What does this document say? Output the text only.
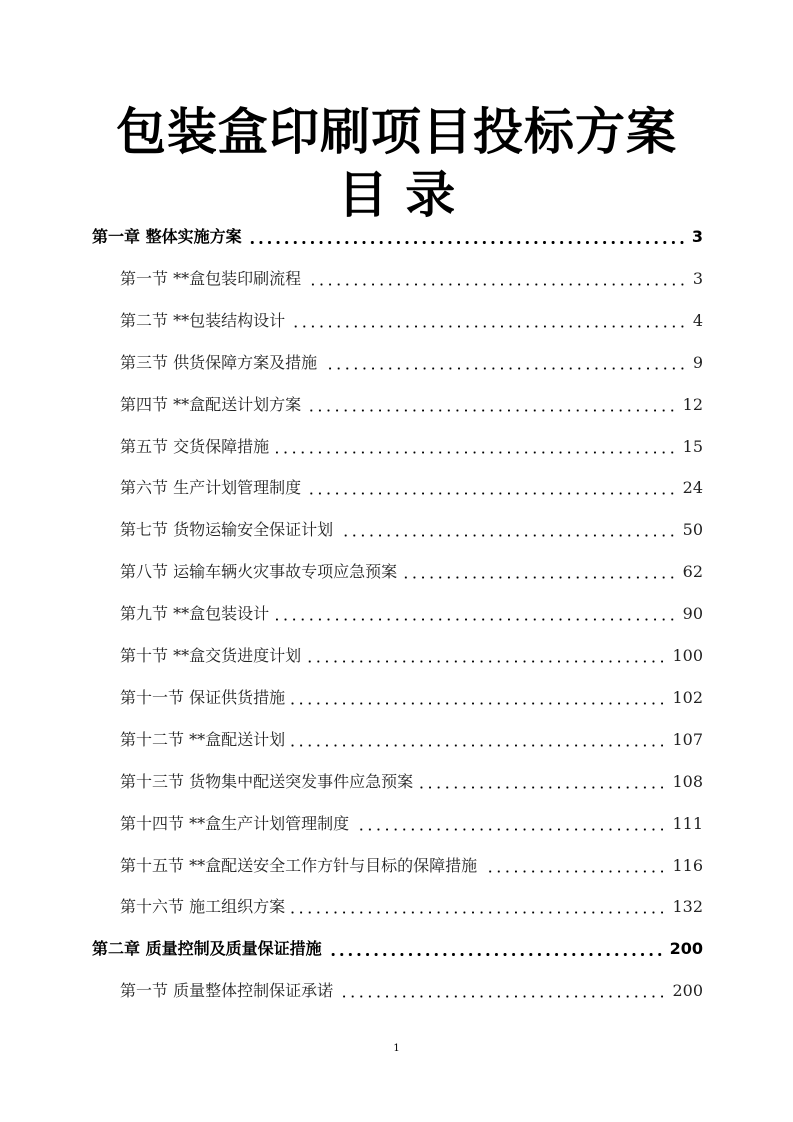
包装盒印刷项目投标方案
目 录
第一章 整体实施方案	3
第一节 **盒包装印刷流程	3
第二节 **包装结构设计	4
第三节 供货保障方案及措施	9
第四节 **盒配送计划方案	12
第五节 交货保障措施	15
第六节 生产计划管理制度	24
第七节 货物运输安全保证计划	50
第八节 运输车辆火灾事故专项应急预案	62
第九节 **盒包装设计	90
第十节 **盒交货进度计划	100
第十一节 保证供货措施	102
第十二节 **盒配送计划	107
第十三节 货物集中配送突发事件应急预案	108
第十四节 **盒生产计划管理制度	111
第十五节 **盒配送安全工作方针与目标的保障措施	116
第十六节 施工组织方案	132
第二章 质量控制及质量保证措施	200
第一节 质量整体控制保证承诺	200
1
